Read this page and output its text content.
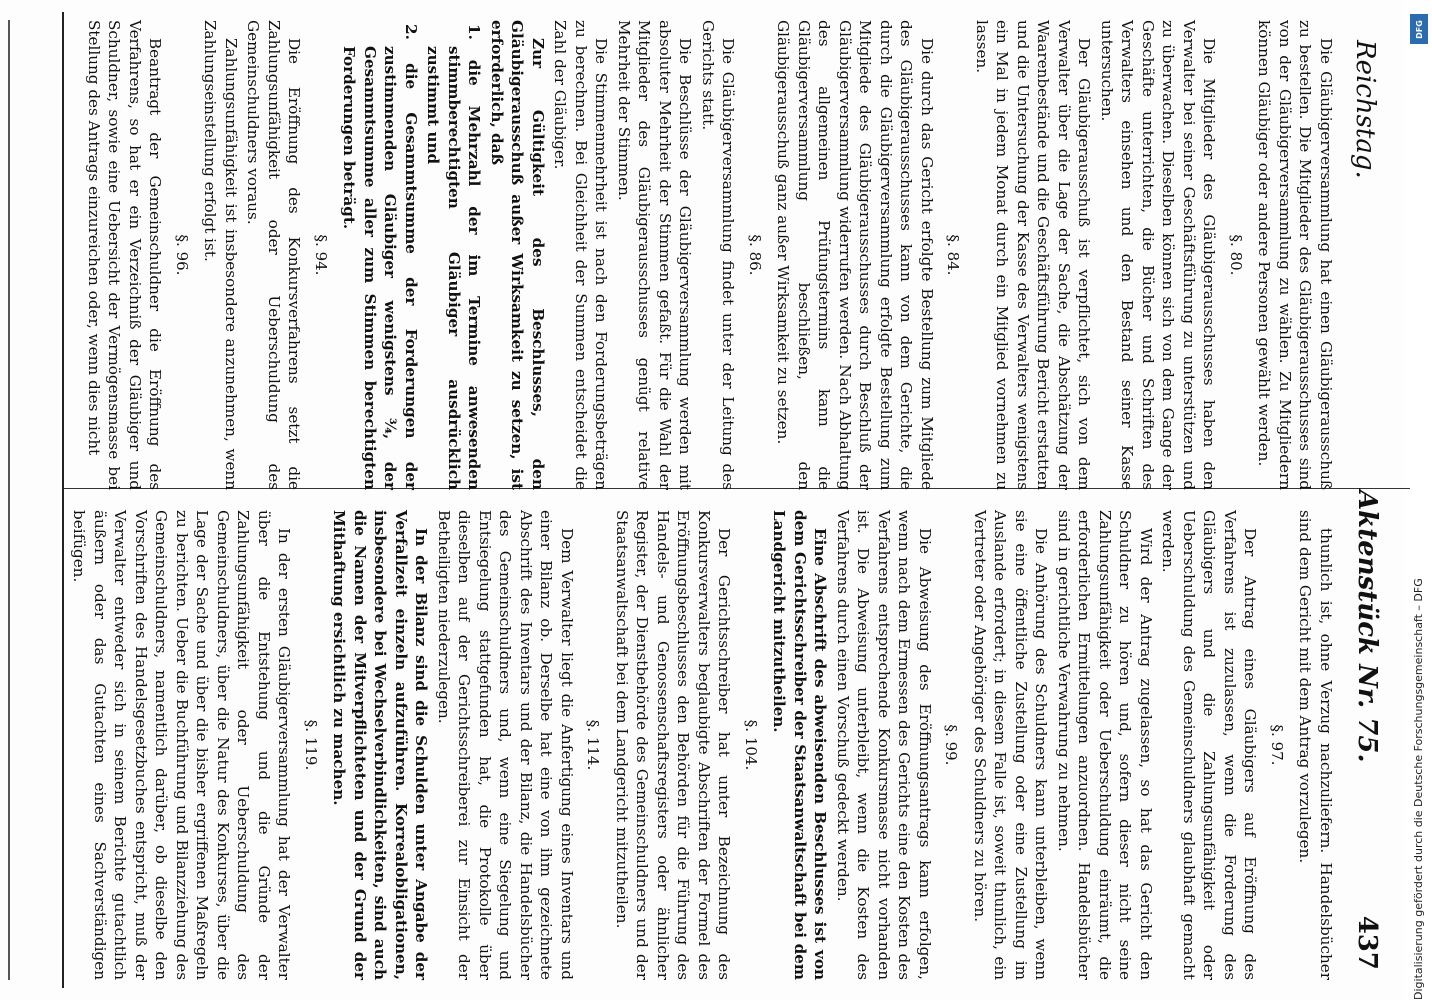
Reichstag.
Aktenstück Nr. 75.
437

Die Gläubigerversammlung hat einen Gläubigerausschuß zu bestellen. Die Mitglieder des Gläubigerausschusses sind von der Gläubigerversammlung zu wählen. Zu Mitgliedern können Gläubiger oder andere Personen gewählt werden.

§. 80.

Die Mitglieder des Gläubigerausschusses haben den Verwalter bei seiner Geschäftsführung zu unterstützen und zu überwachen. Dieselben können sich von dem Gange der Geschäfte unterrichten, die Bücher und Schriften des Verwalters einsehen und den Bestand seiner Kasse untersuchen.

Der Gläubigerausschuß ist verpflichtet, sich von dem Verwalter über die Lage der Sache, die Abschätzung der Waarenbestände und die Geschäftsführung Bericht erstatten und die Untersuchung der Kasse des Verwalters wenigstens ein Mal in jedem Monat durch ein Mitglied vornehmen zu lassen.

§. 84.

Die durch das Gericht erfolgte Bestellung zum Mitgliede des Gläubigerausschusses kann von dem Gerichte, die durch die Gläubigerversammlung erfolgte Bestellung zum Mitgliede des Gläubigerausschusses durch Beschluß der Gläubigerversammlung widerrufen werden. Nach Abhaltung des allgemeinen Prüfungstermins kann die Gläubigerversammlung beschließen, den Gläubigerausschuß ganz außer Wirksamkeit zu setzen.

§. 86.

Die Gläubigerversammlung findet unter der Leitung des Gerichts statt.

Die Beschlüsse der Gläubigerversammlung werden mit absoluter Mehrheit der Stimmen gefaßt. Für die Wahl der Mitglieder des Gläubigerausschusses genügt relative Mehrheit der Stimmen.

Die Stimmenmehrheit ist nach den Forderungsbeträgen zu berechnen. Bei Gleichheit der Summen entscheidet die Zahl der Gläubiger.

Zur Gültigkeit des Beschlusses, den Gläubigerausschuß außer Wirksamkeit zu setzen, ist erforderlich, daß

1. die Mehrzahl der im Termine anwesenden stimmberechtigten Gläubiger ausdrücklich zustimmt und

2. die Gesammtsumme der Forderungen der zustimmenden Gläubiger wenigstens ¾, der Gesammtsumme aller zum Stimmen berechtigten Forderungen beträgt.

§. 94.

Die Eröffnung des Konkursverfahrens setzt die Zahlungsunfähigkeit oder Ueberschuldung des Gemeinschuldners voraus.

Zahlungsunfähigkeit ist insbesondere anzunehmen, wenn Zahlungseinstellung erfolgt ist.

§. 96.

Beantragt der Gemeinschuldner die Eröffnung des Verfahrens, so hat er ein Verzeichniß der Gläubiger und Schuldner, sowie eine Uebersicht der Vermögensmasse bei Stellung des Antrags einzureichen oder, wenn dies nicht

thunlich ist, ohne Verzug nachzuliefern. Handelsbücher sind dem Gericht mit dem Antrag vorzulegen.

§. 97.

Der Antrag eines Gläubigers auf Eröffnung des Verfahrens ist zuzulassen, wenn die Forderung des Gläubigers und die Zahlungsunfähigkeit oder Ueberschuldung des Gemeinschuldners glaubhaft gemacht werden.

Wird der Antrag zugelassen, so hat das Gericht den Schuldner zu hören und, sofern dieser nicht seine Zahlungsunfähigkeit oder Ueberschuldung einräumt, die erforderlichen Ermittelungen anzuordnen. Handelsbücher sind in gerichtliche Verwahrung zu nehmen.

Die Anhörung des Schuldners kann unterbleiben, wenn sie eine öffentliche Zustellung oder eine Zustellung im Auslande erfordert; in diesem Falle ist, soweit thunlich, ein Vertreter oder Angehöriger des Schuldners zu hören.

§. 99.

Die Abweisung des Eröffnungsantrags kann erfolgen, wenn nach dem Ermessen des Gerichts eine den Kosten des Verfahrens entsprechende Konkursmasse nicht vorhanden ist. Die Abweisung unterbleibt, wenn die Kosten des Verfahrens durch einen Vorschuß gedeckt werden.

Eine Abschrift des abweisenden Beschlusses ist von dem Gerichtsschreiber der Staatsanwaltschaft bei dem Landgericht mitzutheilen.

§. 104.

Der Gerichtsschreiber hat unter Bezeichnung des Konkursverwalters beglaubigte Abschriften der Formel des Eröffnungsbeschlusses den Behörden für die Führung des Handels- und Genossenschaftsregisters oder ähnlicher Register, der Dienstbehörde des Gemeinschuldners und der Staatsanwaltschaft bei dem Landgericht mitzutheilen.

§. 114.

Dem Verwalter liegt die Anfertigung eines Inventars und einer Bilanz ob. Derselbe hat eine von ihm gezeichnete Abschrift des Inventars und der Bilanz, die Handelsbücher des Gemeinschuldners und, wenn eine Siegelung und Entsiegelung stattgefunden hat, die Protokolle über dieselben auf der Gerichtsschreiberei zur Einsicht der Betheiligten niederzulegen.

In der Bilanz sind die Schulden unter Angabe der Verfallzeit einzeln aufzuführen. Korrealobligationen, insbesondere bei Wechselverbindlichkeiten, sind auch die Namen der Mitverpflichteten und der Grund der Mithaftung ersichtlich zu machen.

§. 119.

In der ersten Gläubigerversammlung hat der Verwalter über die Entstehung und die Gründe der Zahlungsunfähigkeit oder Ueberschuldung des Gemeinschuldners, über die Natur des Konkurses, über die Lage der Sache und über die bisher ergriffenen Maßregeln zu berichten. Ueber die Buchführung und Bilanzziehung des Gemeinschuldners, namentlich darüber, ob dieselbe den Vorschriften des Handelsgesetzbuches entspricht, muß der Verwalter entweder sich in seinem Berichte gutachtlich äußern oder das Gutachten eines Sachverständigen beifügen.

DFG
Digitalisierung gefördert durch die Deutsche Forschungsgemeinschaft – DFG
